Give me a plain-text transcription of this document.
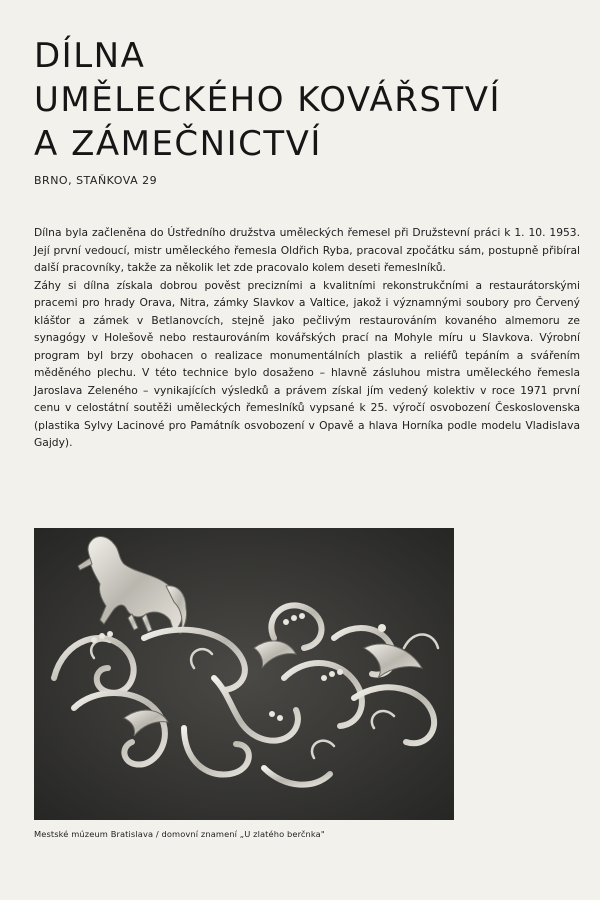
DÍLNA
UMĚLECKÉHO KOVÁŘSTVÍ
A ZÁMEČNICTVÍ
BRNO, STAŇKOVA 29

Dílna byla začleněna do Ústředního družstva uměleckých řemesel při Družstevní práci k 1. 10. 1953. Její první vedoucí, mistr uměleckého řemesla Oldřich Ryba, pracoval zpočátku sám, postupně přibíral další pracovníky, takže za několik let zde pracovalo kolem deseti řemeslníků.

Záhy si dílna získala dobrou pověst precizními a kvalitními rekonstrukčními a restaurátorskými pracemi pro hrady Orava, Nitra, zámky Slavkov a Valtice, jakož i významnými soubory pro Červený klášťor a zámek v Betlanovcích, stejně jako pečlivým restaurováním kovaného almemoru ze synagógy v Holešově nebo restaurováním kovářských prací na Mohyle míru u Slavkova. Výrobní program byl brzy obohacen o realizace monumentálních plastik a reliéfů tepáním a svářením měděného plechu. V této technice bylo dosaženo – hlavně zásluhou mistra uměleckého řemesla Jaroslava Zeleného – vynikajících výsledků a právem získal jím vedený kolektiv v roce 1971 první cenu v celostátní soutěži uměleckých řemeslníků vypsané k 25. výročí osvobození Československa (plastika Sylvy Lacinové pro Památník osvobození v Opavě a hlava Horníka podle modelu Vladislava Gajdy).

Mestské múzeum Bratislava / domovní znamení „U zlatého berčnka"
